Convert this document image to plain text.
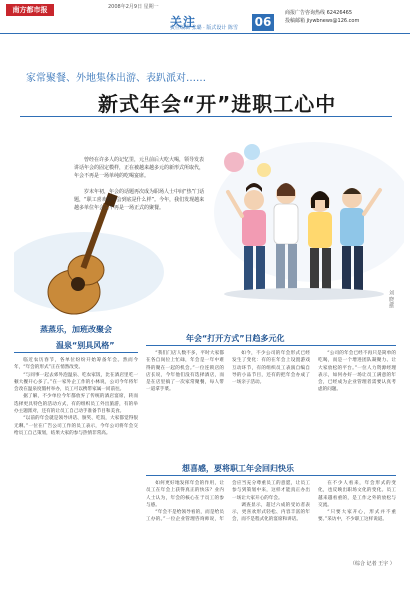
南方都市报	2008年2月9日 星期一
关注
责任编辑 张璐 · 版式设计 陈雪 06
商报广告咨询热线 62426465
投稿邮箱 jiywbnews@126.com
家常聚餐、外地集体出游、表趴派对……
新式年会“开”进职工心中

曾经在许多人的记忆里，元旦前后大吃大喝，领导发表讲话年会的固定模样，正在被越来越多元的新形式所取代，年会不再是一场单纯的吃喝宴席。

岁末年初，年会的话题再次成为职场人士中间“热”门话题，“职工喜欢的年会到底是什么样”。今年，我们发现越来越多单位年会已不再是一场正式的聚餐。

刘 晓/摄
蒸蒸乐，加班改聚会
温泉“别具风格”

临近农历春节，各单位纷纷开始筹备年会。然而今年，“年会的形式”正在悄然改变。

“与同事一起去郊外泡温泉、吃农家饭，比在酒店里吃一顿大餐开心多了。”在一家外企工作的小林说，公司今年将年会改在温泉度假村举办，员工可以携带家属一同前往。

据了解，不少单位今年都放弃了传统的酒店宴席，转而选择更具特色的活动方式，有的组织员工外出旅游，有的举办主题派对，还有的让员工自己动手准备节目和美食。

“以前的年会就是领导讲话、颁奖、吃饭，大家都觉得很无聊。”一位在广告公司工作的员工表示，今年公司将年会交给员工自己策划，结果大家的参与热情非常高。

年会“打开方式”日趋多元化

“我们门店人数不多，平时大家都在各自岗位上忙碌，年会是一年中难得的聚在一起的机会。”一位连锁店的店长说，今年他们没有选择酒店，而是在店里搞了一次家常聚餐，每人带一道拿手菜。

如今，不少公司的年会形式已经发生了变化：有的在年会上设置游戏互动环节，有的组织员工表演自编自导的小品节目，还有的把年会办成了一场亲子活动。

“公司的年会已经不再只是简单的吃喝，而是一个增进团队凝聚力、让大家放松的平台。”一位人力资源经理表示，如何办好一场让员工满意的年会，已经成为企业管理者需要认真考虑的问题。

想喜感，要将职工年会回归快乐

如何更好地发挥年会的作用，让员工在年会上获得真正的快乐？业内人士认为，年会的核心在于员工的参与感。

“年会不是给领导看的，而是给员工办的。”一位企业管理咨询师说，年会应当充分尊重员工的意愿，让员工参与到策划中来，这样才能真正办出一场让大家开心的年会。

调查显示，超过六成的受访者表示，更喜欢形式轻松、内容丰富的年会，而不是程式化的宴席和讲话。

在不少人看来，年会形式的变化，也反映出职场文化的变化。员工越来越看重的，是工作之外的放松与交流。

“只要大家开心，形式并不重要。”采访中，不少职工这样说道。

（综合 记者 王宇 ）
